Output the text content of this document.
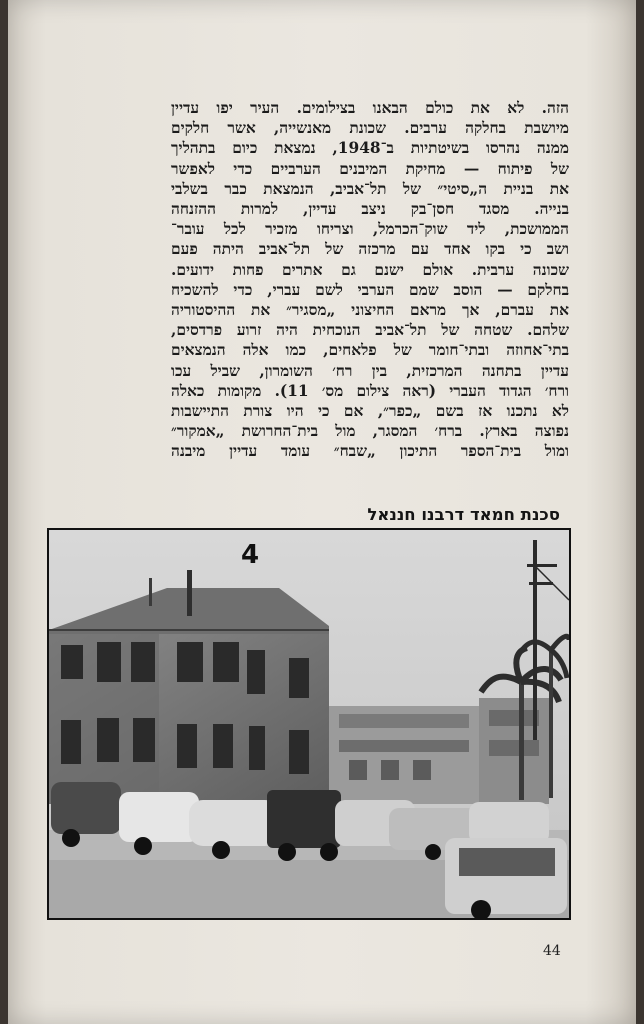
הזה. לא את כולם הבאנו בצילומים. העיר יפו עדיין
מיושבת בחלקה ערבים. שכונת מאנשייה, אשר חלקים
ממנה נהרסו בשיטתיות ב־1948, נמצאת כיום בתהליך
של פיתוח — מחיקת המיבנים הערביים כדי לאפשר
את בניית ה„סיטי״ של תל־אביב, הנמצאת כבר בשלבי
בנייה. מסגד חסן־בק ניצב עדיין, למרות ההזנחה
הממושכת, ליד שוק־הכרמל, וצריחו מזכיר לכל עובר־
ושב כי בקו אחד עם מרכזה של תל־אביב היתה פעם
שכונה ערבית. אולם ישנם גם אתרים פחות ידועים.
בחלקם — הוסב שמם הערבי לשם עברי, כדי להשכיח
את עברם, אך מראם החיצוני „מסגיר״ את ההיסטוריה
שלהם. שטחה של תל־אביב הנוכחית היה זרוע פרדסים,
בתי־אחוזה ובתי־חומר של פלאחים, כמו אלה הנמצאים
עדיין בתחנה המרכזית, בין רח׳ השומרון, שביל עכו
ורח׳ הגדוד העברי (ראה צילום מס׳ 11). מקומות כאלה
לא נתכנו אז בשם „כפר״, אם כי היו צורת התיישבות
נפוצה בארץ. ברח׳ המסגר, מול בית־החרושת „אמקור״
ומול בית־הספר התיכון „שבח״ עומד עדיין מיבנה
סכנת חמאד דרבנו חננאל
4
44
